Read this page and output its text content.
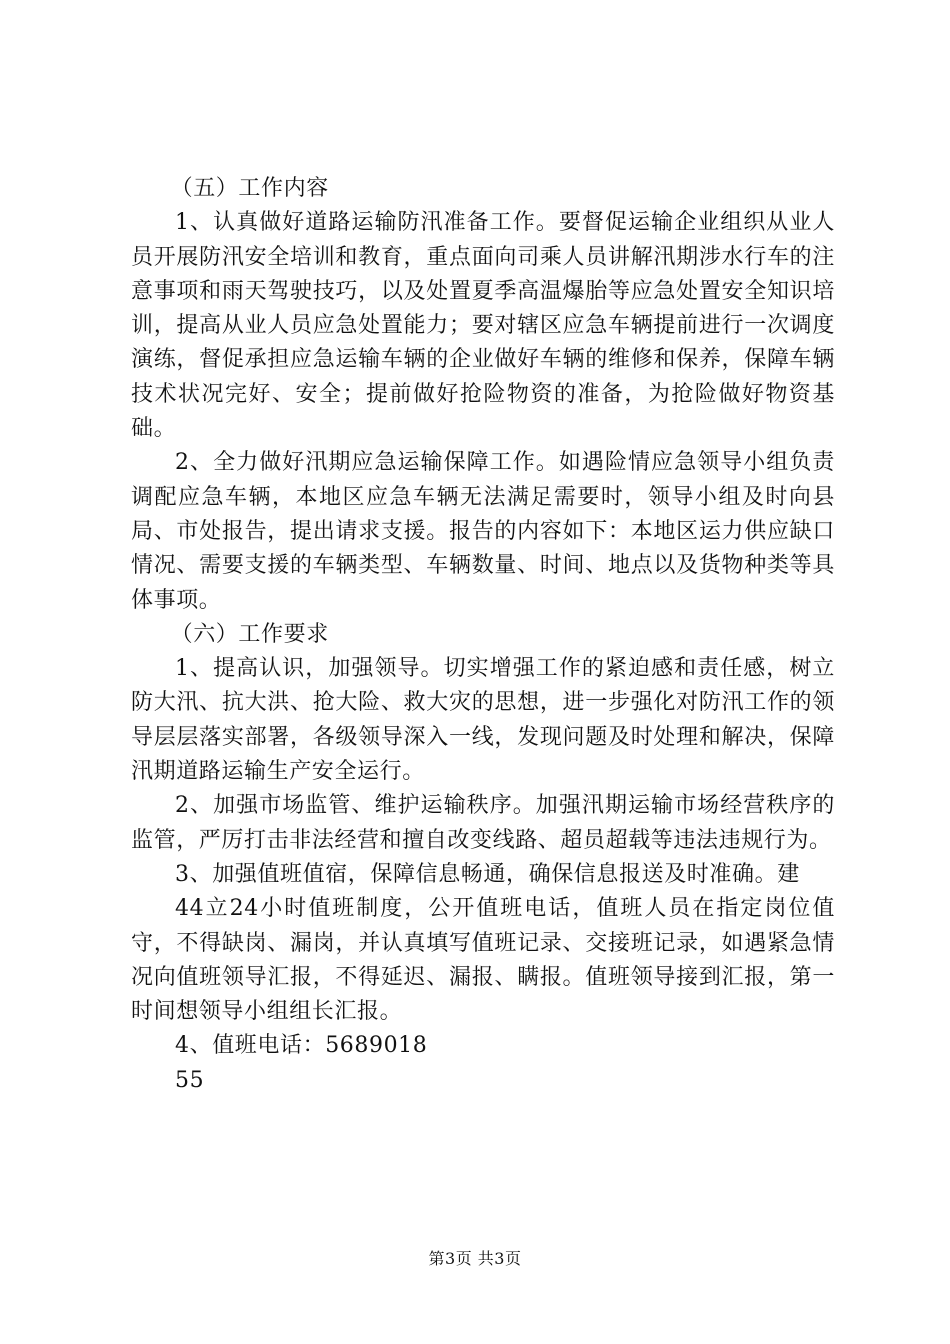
（五）工作内容

1、认真做好道路运输防汛准备工作。要督促运输企业组织从业人员开展防汛安全培训和教育，重点面向司乘人员讲解汛期涉水行车的注意事项和雨天驾驶技巧，以及处置夏季高温爆胎等应急处置安全知识培训，提高从业人员应急处置能力；要对辖区应急车辆提前进行一次调度演练，督促承担应急运输车辆的企业做好车辆的维修和保养，保障车辆技术状况完好、安全；提前做好抢险物资的准备，为抢险做好物资基础。

2、全力做好汛期应急运输保障工作。如遇险情应急领导小组负责调配应急车辆，本地区应急车辆无法满足需要时，领导小组及时向县局、市处报告，提出请求支援。报告的内容如下：本地区运力供应缺口情况、需要支援的车辆类型、车辆数量、时间、地点以及货物种类等具体事项。

（六）工作要求

1、提高认识，加强领导。切实增强工作的紧迫感和责任感，树立防大汛、抗大洪、抢大险、救大灾的思想，进一步强化对防汛工作的领导层层落实部署，各级领导深入一线，发现问题及时处理和解决，保障汛期道路运输生产安全运行。

2、加强市场监管、维护运输秩序。加强汛期运输市场经营秩序的监管，严厉打击非法经营和擅自改变线路、超员超载等违法违规行为。

3、加强值班值宿，保障信息畅通，确保信息报送及时准确。建

44立24小时值班制度，公开值班电话，值班人员在指定岗位值守，不得缺岗、漏岗，并认真填写值班记录、交接班记录，如遇紧急情况向值班领导汇报，不得延迟、漏报、瞒报。值班领导接到汇报，第一时间想领导小组组长汇报。

4、值班电话：5689018

55

第3页 共3页
